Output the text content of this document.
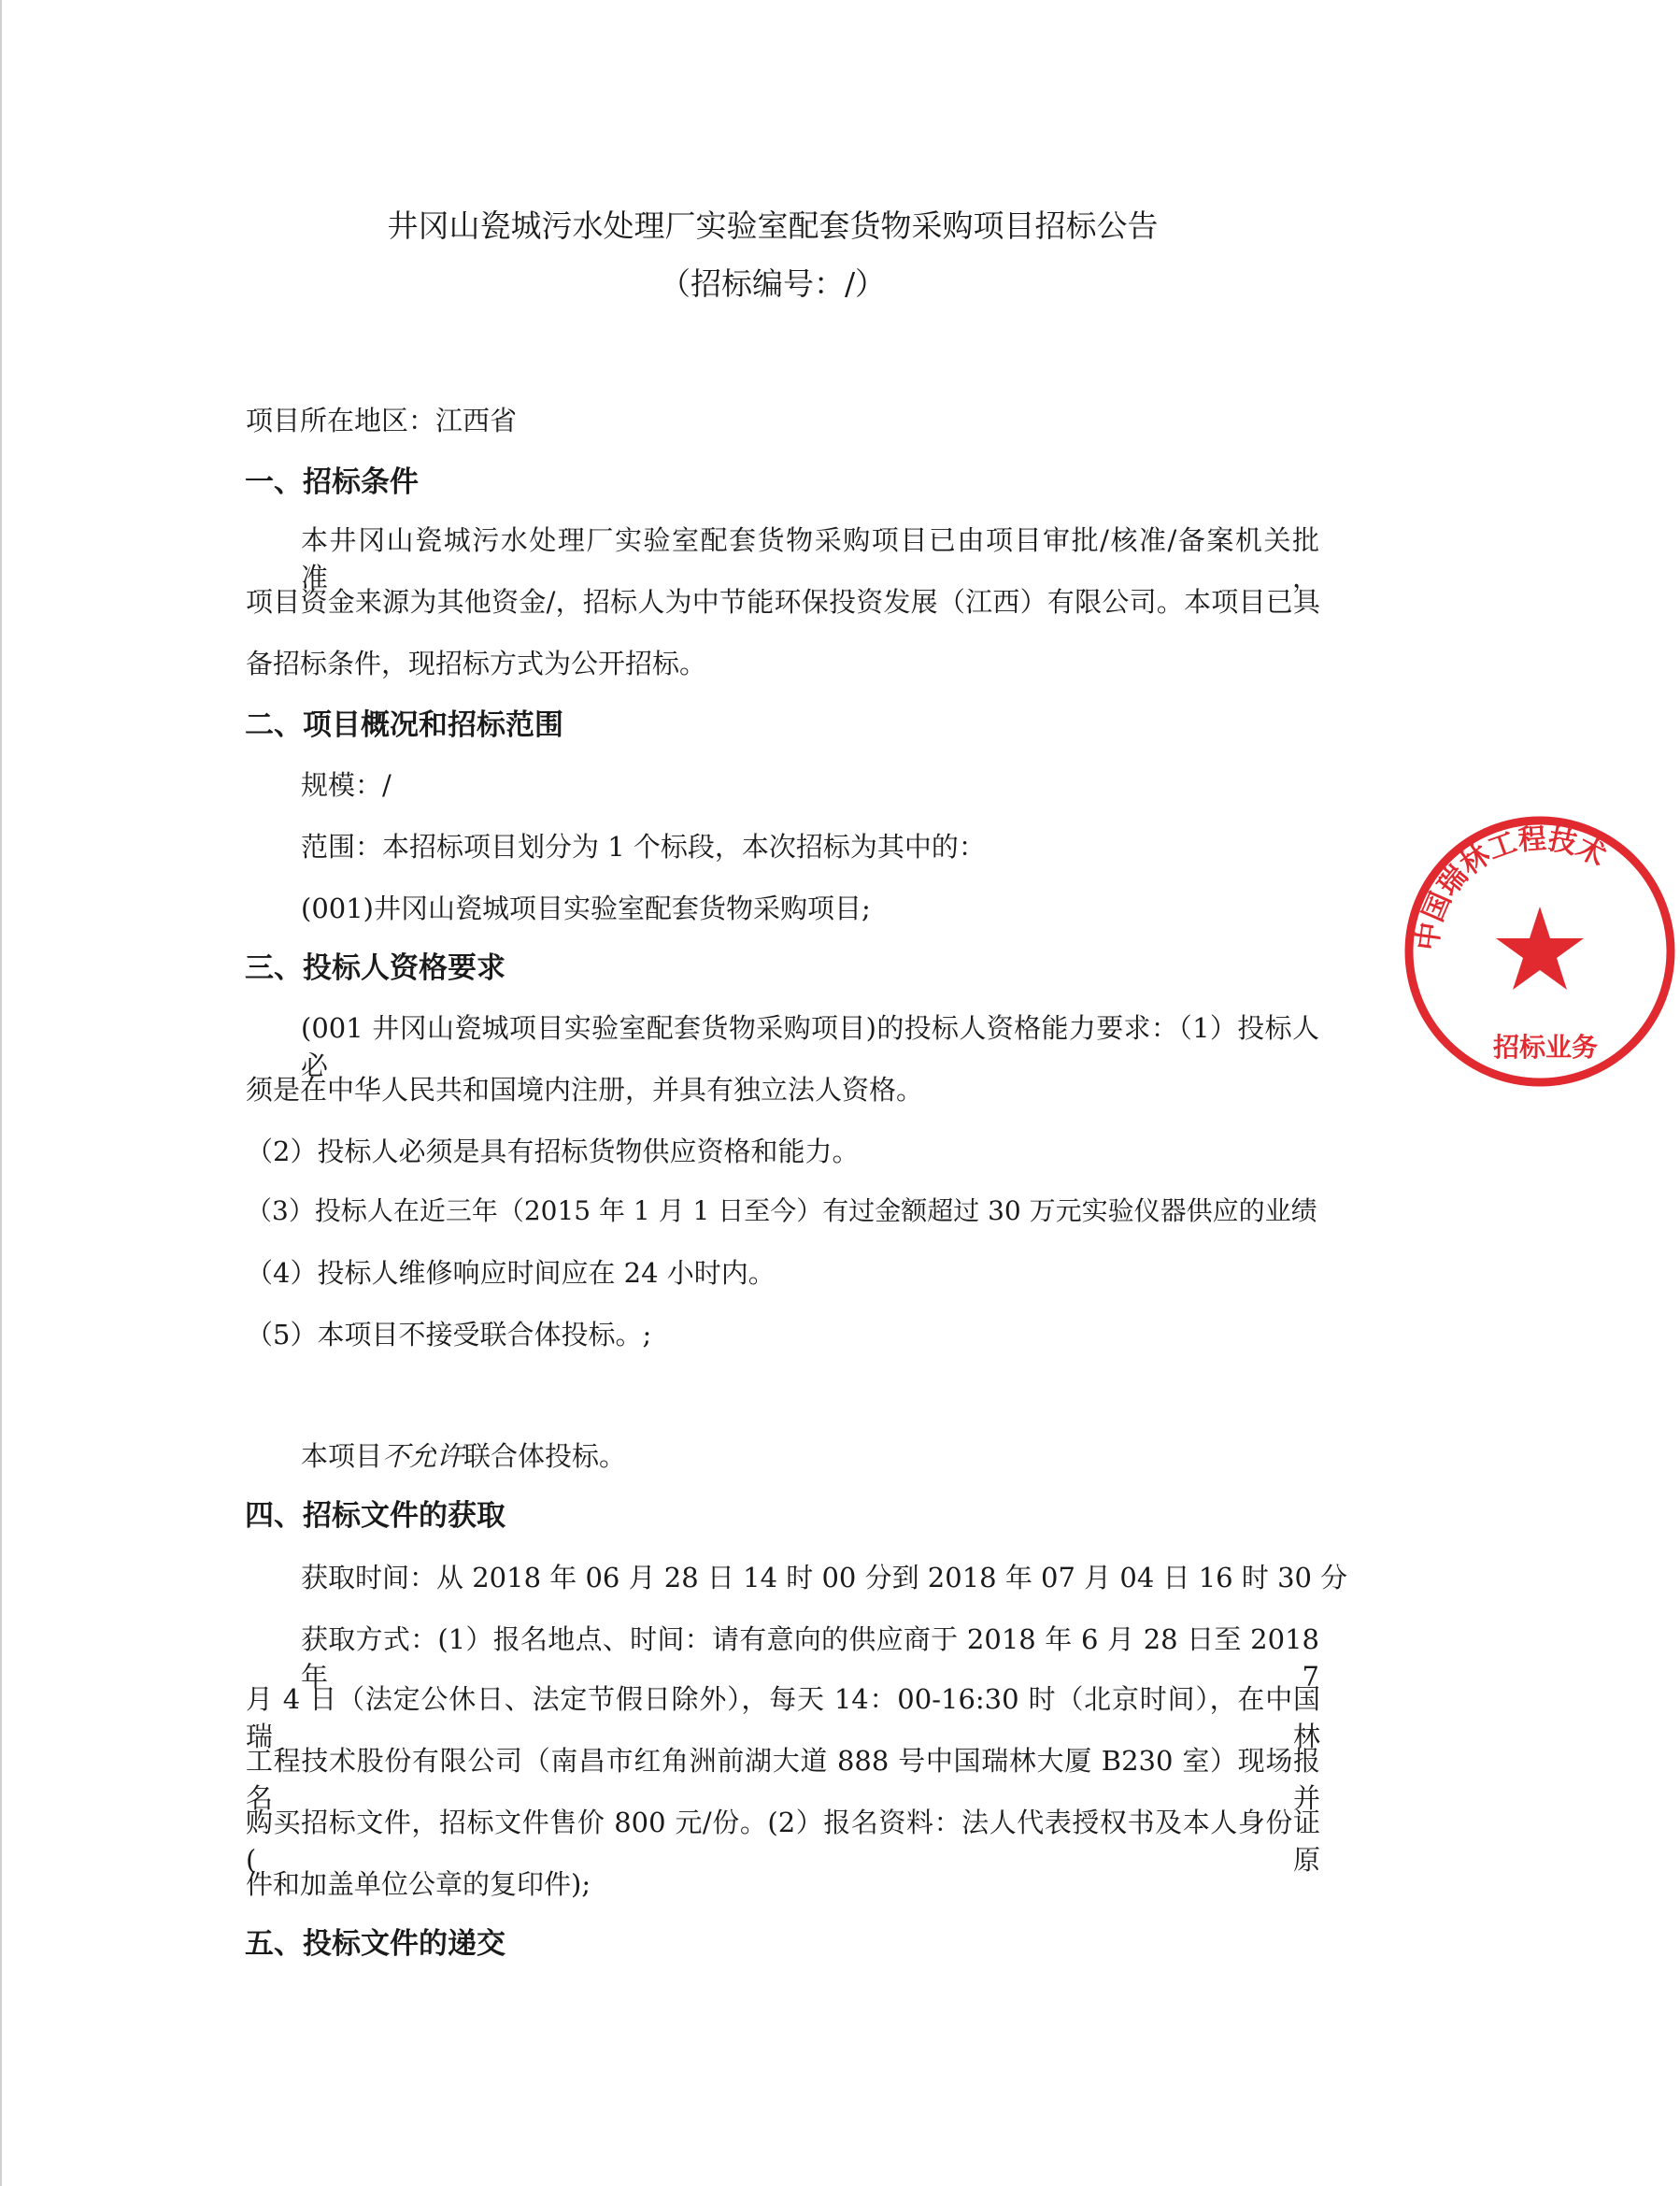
井冈山瓷城污水处理厂实验室配套货物采购项目招标公告
（招标编号：/）
项目所在地区：江西省
一、招标条件
本井冈山瓷城污水处理厂实验室配套货物采购项目已由项目审批/核准/备案机关批准，
项目资金来源为其他资金/，招标人为中节能环保投资发展（江西）有限公司。本项目已具
备招标条件，现招标方式为公开招标。
二、项目概况和招标范围
规模：/
范围：本招标项目划分为 1 个标段，本次招标为其中的：
(001)井冈山瓷城项目实验室配套货物采购项目;
三、投标人资格要求
(001 井冈山瓷城项目实验室配套货物采购项目)的投标人资格能力要求：（1）投标人必
须是在中华人民共和国境内注册，并具有独立法人资格。
（2）投标人必须是具有招标货物供应资格和能力。
（3）投标人在近三年（2015 年 1 月 1 日至今）有过金额超过 30 万元实验仪器供应的业绩
（4）投标人维修响应时间应在 24 小时内。
（5）本项目不接受联合体投标。;
本项目不允许联合体投标。
四、招标文件的获取
获取时间：从 2018 年 06 月 28 日 14 时 00 分到 2018 年 07 月 04 日 16 时 30 分
获取方式：(1）报名地点、时间：请有意向的供应商于 2018 年 6 月 28 日至 2018 年 7
月 4 日（法定公休日、法定节假日除外），每天 14：00-16:30 时（北京时间），在中国瑞林
工程技术股份有限公司（南昌市红角洲前湖大道 888 号中国瑞林大厦 B230 室）现场报名并
购买招标文件，招标文件售价 800 元/份。(2）报名资料：法人代表授权书及本人身份证(原
件和加盖单位公章的复印件);
五、投标文件的递交
中国瑞林工程技术
招标业务
